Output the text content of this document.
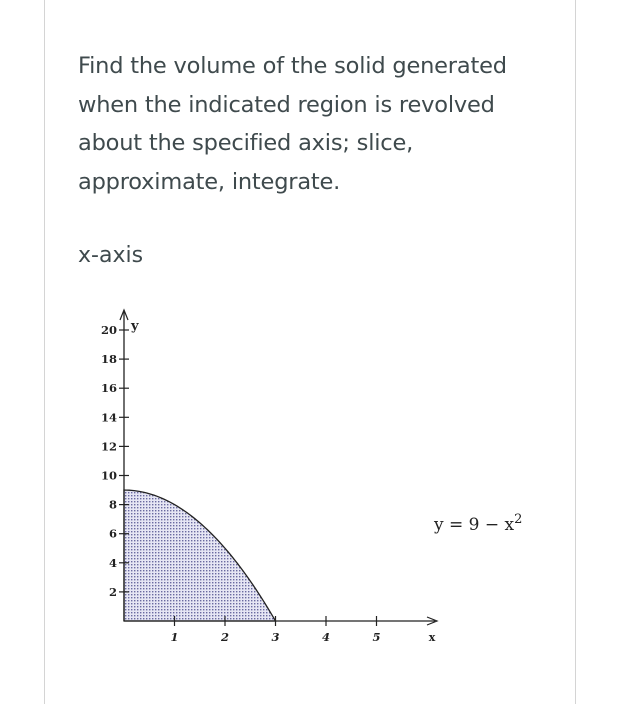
Find the volume of the solid generated
when the indicated region is revolved
about the specified axis; slice,
approximate, integrate.

x-axis

2
4
6
8
10
12
14
16
18
20
1	2	3	4	5	x
y
$y = 9 - x^2$
